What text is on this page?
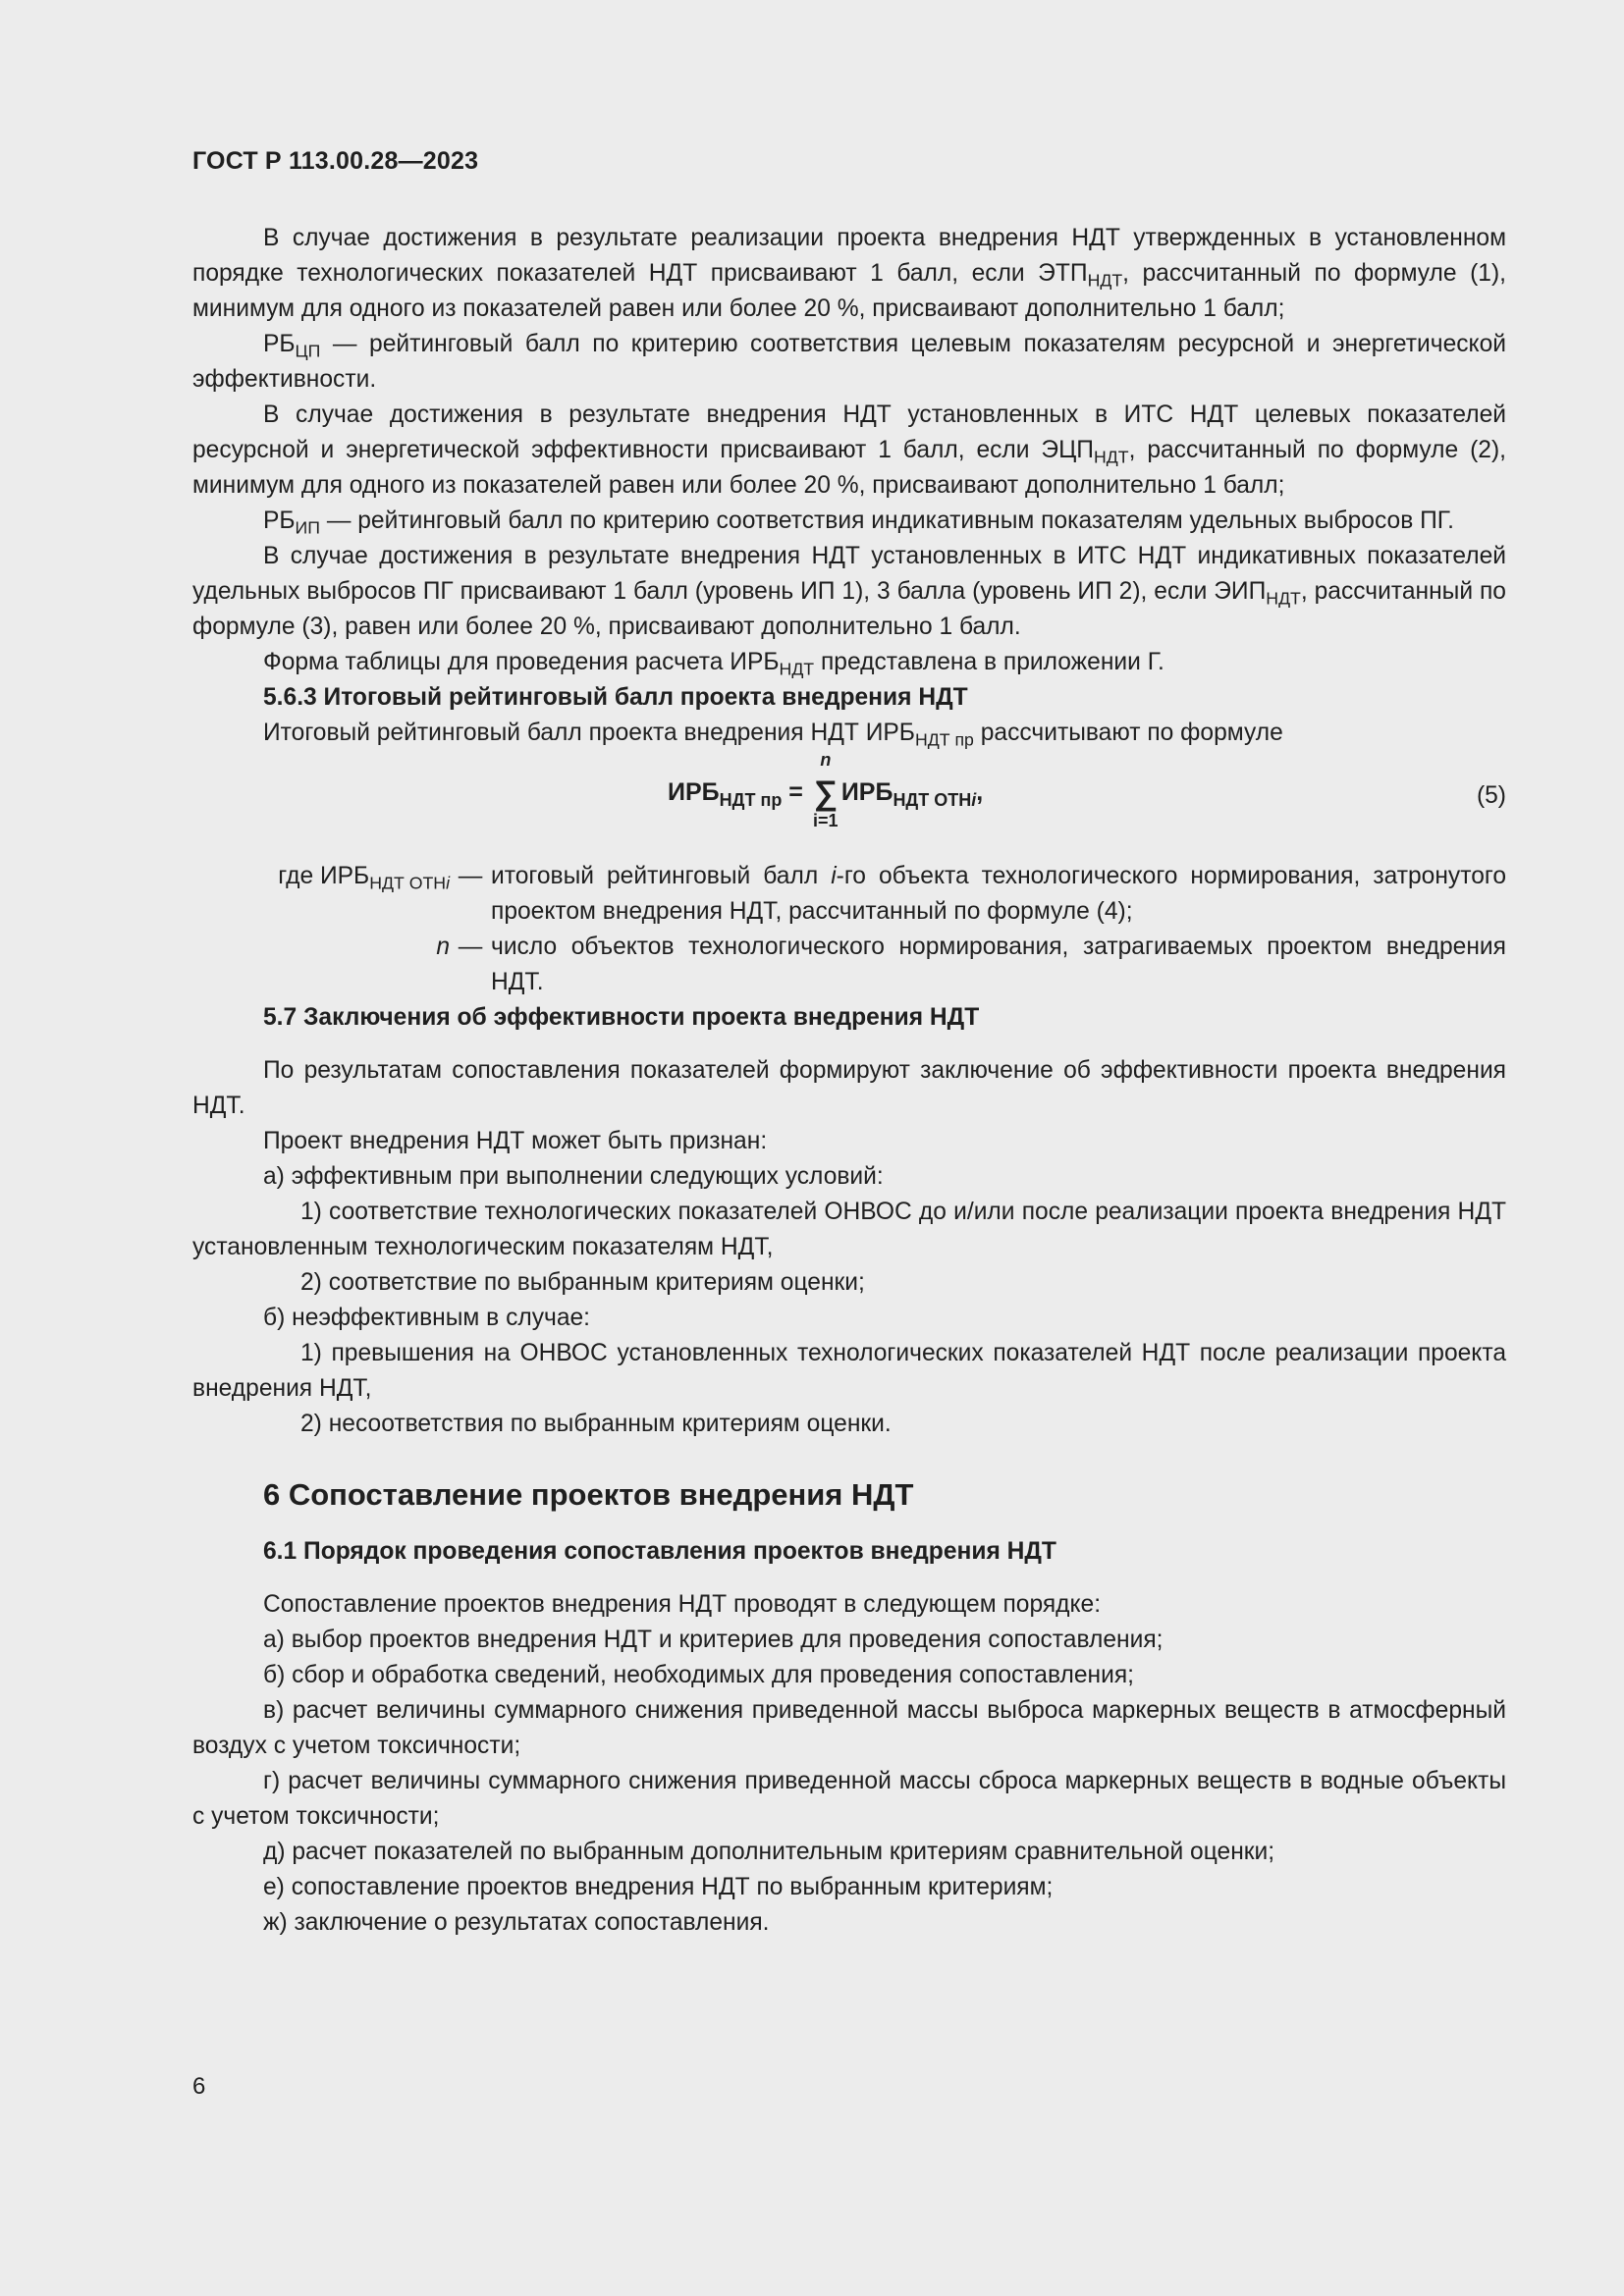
ГОСТ Р 113.00.28—2023

В случае достижения в результате реализации проекта внедрения НДТ утвержденных в установленном порядке технологических показателей НДТ присваивают 1 балл, если $ЭТП_{НДТ}$, рассчитанный по формуле (1), минимум для одного из показателей равен или более 20 %, присваивают дополнительно 1 балл;

$РБ_{ЦП}$ — рейтинговый балл по критерию соответствия целевым показателям ресурсной и энергетической эффективности.

В случае достижения в результате внедрения НДТ установленных в ИТС НДТ целевых показателей ресурсной и энергетической эффективности присваивают 1 балл, если $ЭЦП_{НДТ}$, рассчитанный по формуле (2), минимум для одного из показателей равен или более 20 %, присваивают дополнительно 1 балл;

$РБ_{ИП}$ — рейтинговый балл по критерию соответствия индикативным показателям удельных выбросов ПГ.

В случае достижения в результате внедрения НДТ установленных в ИТС НДТ индикативных показателей удельных выбросов ПГ присваивают 1 балл (уровень ИП 1), 3 балла (уровень ИП 2), если $ЭИП_{НДТ}$, рассчитанный по формуле (3), равен или более 20 %, присваивают дополнительно 1 балл.

Форма таблицы для проведения расчета $ИРБ_{НДТ}$ представлена в приложении Г.

5.6.3 Итоговый рейтинговый балл проекта внедрения НДТ

Итоговый рейтинговый балл проекта внедрения НДТ $ИРБ_{НДТ пр}$ рассчитывают по формуле

$ИРБ_{НДТ пр}$ = ∑
n
i=1
$ИРБ_{НДТ ОТНi}$,	(5)
где $ИРБ_{НДТ ОТНi}$ — итоговый рейтинговый балл i-го объекта технологического нормирования, затронутого проектом внедрения НДТ, рассчитанный по формуле (4);
n — число объектов технологического нормирования, затрагиваемых проектом внедрения НДТ.

5.7 Заключения об эффективности проекта внедрения НДТ

По результатам сопоставления показателей формируют заключение об эффективности проекта внедрения НДТ.

Проект внедрения НДТ может быть признан:

а) эффективным при выполнении следующих условий:

1) соответствие технологических показателей ОНВОС до и/или после реализации проекта внедрения НДТ установленным технологическим показателям НДТ,

2) соответствие по выбранным критериям оценки;

б) неэффективным в случае:

1) превышения на ОНВОС установленных технологических показателей НДТ после реализации проекта внедрения НДТ,

2) несоответствия по выбранным критериям оценки.

6 Сопоставление проектов внедрения НДТ

6.1 Порядок проведения сопоставления проектов внедрения НДТ

Сопоставление проектов внедрения НДТ проводят в следующем порядке:

а) выбор проектов внедрения НДТ и критериев для проведения сопоставления;

б) сбор и обработка сведений, необходимых для проведения сопоставления;

в) расчет величины суммарного снижения приведенной массы выброса маркерных веществ в атмосферный воздух с учетом токсичности;

г) расчет величины суммарного снижения приведенной массы сброса маркерных веществ в водные объекты с учетом токсичности;

д) расчет показателей по выбранным дополнительным критериям сравнительной оценки;

е) сопоставление проектов внедрения НДТ по выбранным критериям;

ж) заключение о результатах сопоставления.

6
